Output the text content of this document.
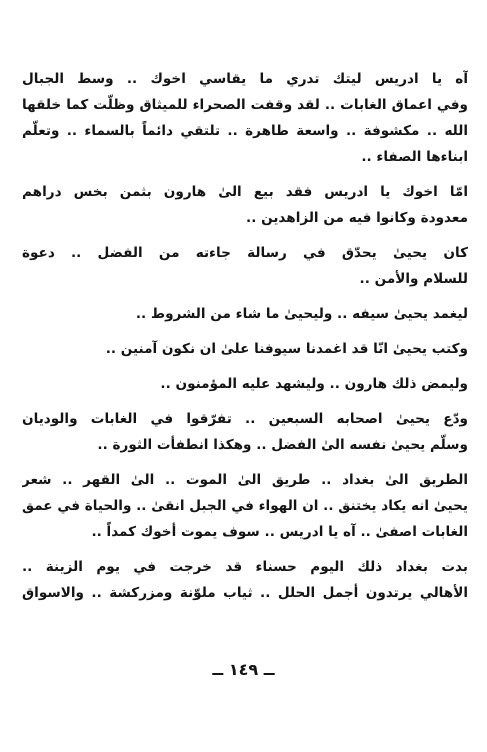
آه يا ادريس ليتك تدري ما يقاسي اخوك .. وسط الجبال
وفي اعماق الغابات .. لقد وقفت الصحراء للميثاق وظلّت كما خلقها
الله .. مكشوفة .. واسعة طاهرة .. تلتقي دائماً بالسماء .. وتعلّم
ابناءها الصفاء ..
امّا اخوك يا ادريس فقد بيع الىٰ هارون بثمن بخس دراهم
معدودة وكانوا فيه من الزاهدين ..
كان يحيىٰ يحدّق في رسالة جاءته من الفضل .. دعوة
للسلام والأمن ..
ليغمد يحيىٰ سيفه .. وليحيىٰ ما شاء من الشروط ..
وكتب يحيىٰ انّا قد اغمدنا سيوفنا علىٰ ان نكون آمنين ..
وليمض ذلك هارون .. وليشهد عليه المؤمنون ..
ودّع يحيىٰ اصحابه السبعين .. تفرّقوا في الغابات والوديان
وسلّم يحيىٰ نفسه الىٰ الفضل .. وهكذا انطفأت الثورة ..
الطريق الىٰ بغداد .. طريق الىٰ الموت .. الىٰ القهر .. شعر
يحيىٰ انه يكاد يختنق .. ان الهواء في الجبل انقىٰ .. والحياة في عمق
الغابات اصفىٰ .. آه يا ادريس .. سوف يموت أخوك كمداً ..
بدت بغداد ذلك اليوم حسناء قد خرجت في يوم الزينة ..
الأهالي يرتدون أجمل الحلل .. ثياب ملوّنة ومزركشة .. والاسواق
ــ ١٤٩ ــ
